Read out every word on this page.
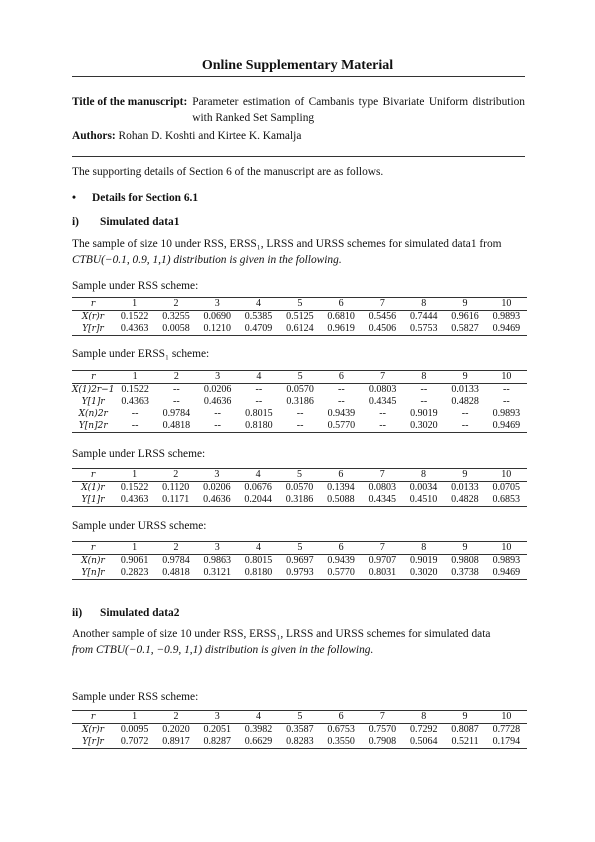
Online Supplementary Material
Title of the manuscript: Parameter estimation of Cambanis type Bivariate Uniform distribution with Ranked Set Sampling
Authors: Rohan D. Koshti and Kirtee K. Kamalja
The supporting details of Section 6 of the manuscript are as follows.
• Details for Section 6.1
i) Simulated data1
The sample of size 10 under RSS, ERSS₁, LRSS and URSS schemes for simulated data1 from
CTBU(−0.1, 0.9, 1,1) distribution is given in the following.
Sample under RSS scheme:
r	1	2	3	4	5	6	7	8	9	10
X(r)r	0.1522	0.3255	0.0690	0.5385	0.5125	0.6810	0.5456	0.7444	0.9616	0.9893
Y[r]r	0.4363	0.0058	0.1210	0.4709	0.6124	0.9619	0.4506	0.5753	0.5827	0.9469
Sample under ERSS₁ scheme:
r	1	2	3	4	5	6	7	8	9	10
X(1)2r−1	0.1522	--	0.0206	--	0.0570	--	0.0803	--	0.0133	--
Y[1]r	0.4363	--	0.4636	--	0.3186	--	0.4345	--	0.4828	--
X(n)2r	--	0.9784	--	0.8015	--	0.9439	--	0.9019	--	0.9893
Y[n]2r	--	0.4818	--	0.8180	--	0.5770	--	0.3020	--	0.9469
Sample under LRSS scheme:
r	1	2	3	4	5	6	7	8	9	10
X(1)r	0.1522	0.1120	0.0206	0.0676	0.0570	0.1394	0.0803	0.0034	0.0133	0.0705
Y[1]r	0.4363	0.1171	0.4636	0.2044	0.3186	0.5088	0.4345	0.4510	0.4828	0.6853
Sample under URSS scheme:
r	1	2	3	4	5	6	7	8	9	10
X(n)r	0.9061	0.9784	0.9863	0.8015	0.9697	0.9439	0.9707	0.9019	0.9808	0.9893
Y[n]r	0.2823	0.4818	0.3121	0.8180	0.9793	0.5770	0.8031	0.3020	0.3738	0.9469
ii) Simulated data2
Another sample of size 10 under RSS, ERSS₁, LRSS and URSS schemes for simulated data
from CTBU(−0.1, −0.9, 1,1) distribution is given in the following.
Sample under RSS scheme:
r	1	2	3	4	5	6	7	8	9	10
X(r)r	0.0095	0.2020	0.2051	0.3982	0.3587	0.6753	0.7570	0.7292	0.8087	0.7728
Y[r]r	0.7072	0.8917	0.8287	0.6629	0.8283	0.3550	0.7908	0.5064	0.5211	0.1794
